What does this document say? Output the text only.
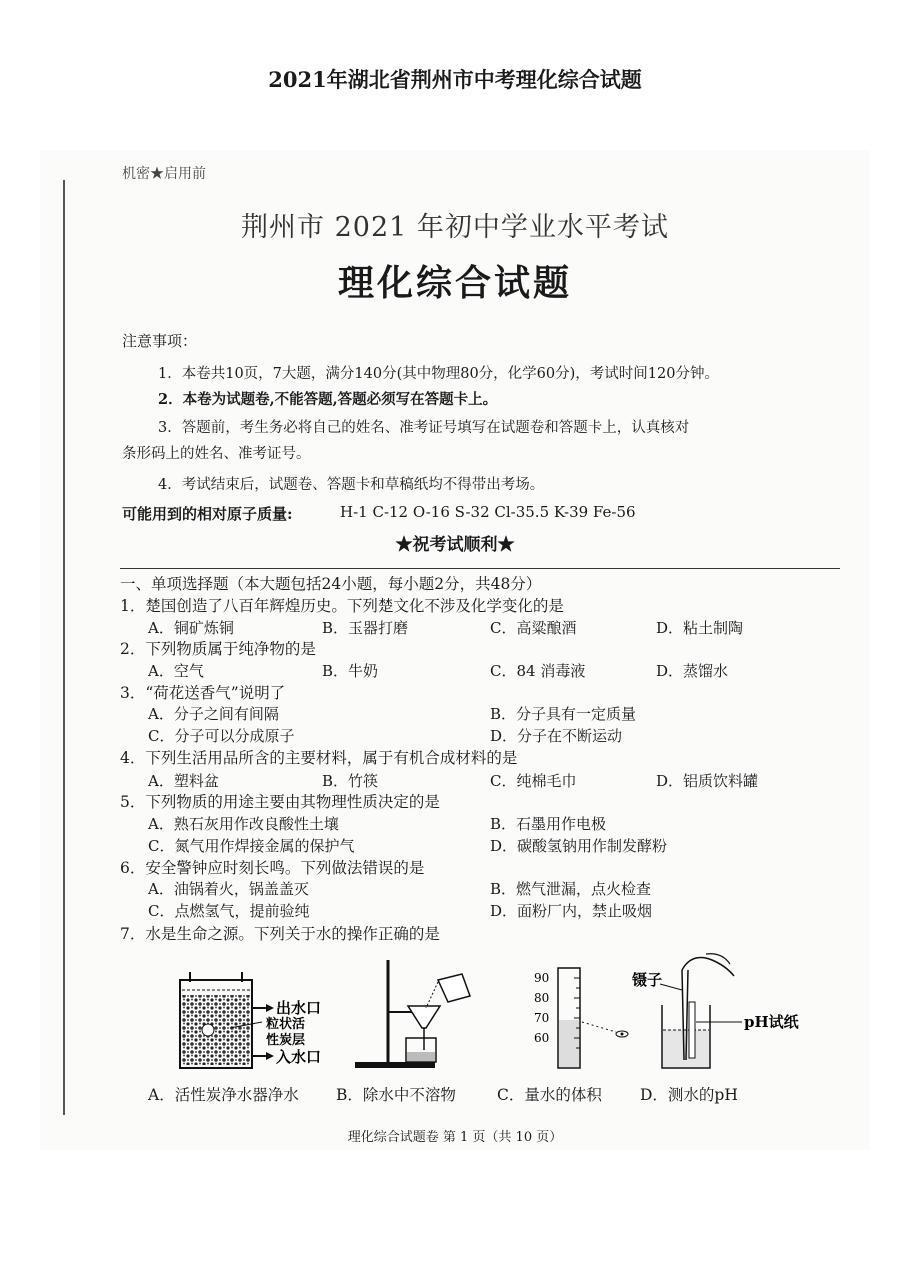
2021年湖北省荆州市中考理化综合试题
机密★启用前
荆州市 2021 年初中学业水平考试
理化综合试题
注意事项：
1．本卷共10页，7大题，满分140分(其中物理80分，化学60分)，考试时间120分钟。
2．本卷为试题卷,不能答题,答题必须写在答题卡上。
3．答题前，考生务必将自己的姓名、准考证号填写在试题卷和答题卡上，认真核对
条形码上的姓名、准考证号。
4．考试结束后，试题卷、答题卡和草稿纸均不得带出考场。
可能用到的相对原子质量:	H-1 C-12 O-16 S-32 Cl-35.5 K-39 Fe-56
★祝考试顺利★
一、单项选择题（本大题包括24小题，每小题2分，共48分）
1．楚国创造了八百年辉煌历史。下列楚文化不涉及化学变化的是
A．铜矿炼铜	B．玉器打磨	C．高粱酿酒	D．粘土制陶
2．下列物质属于纯净物的是
A．空气	B．牛奶	C．84 消毒液	D．蒸馏水
3．“荷花送香气”说明了
A．分子之间有间隔	B．分子具有一定质量
C．分子可以分成原子	D．分子在不断运动
4．下列生活用品所含的主要材料，属于有机合成材料的是
A．塑料盆	B．竹筷	C．纯棉毛巾	D．铝质饮料罐
5．下列物质的用途主要由其物理性质决定的是
A．熟石灰用作改良酸性土壤	B．石墨用作电极
C．氮气用作焊接金属的保护气	D．碳酸氢钠用作制发酵粉
6．安全警钟应时刻长鸣。下列做法错误的是
A．油锅着火，锅盖盖灭	B．燃气泄漏，点火检查
C．点燃氢气，提前验纯	D．面粉厂内，禁止吸烟
7．水是生命之源。下列关于水的操作正确的是
出水口
粒状活
性炭层
入水口
90
80
70
60
镊子
pH试纸
A．活性炭净水器净水 B．除水中不溶物	C．量水的体积 D．测水的pH
理化综合试题卷 第 1 页（共 10 页）
